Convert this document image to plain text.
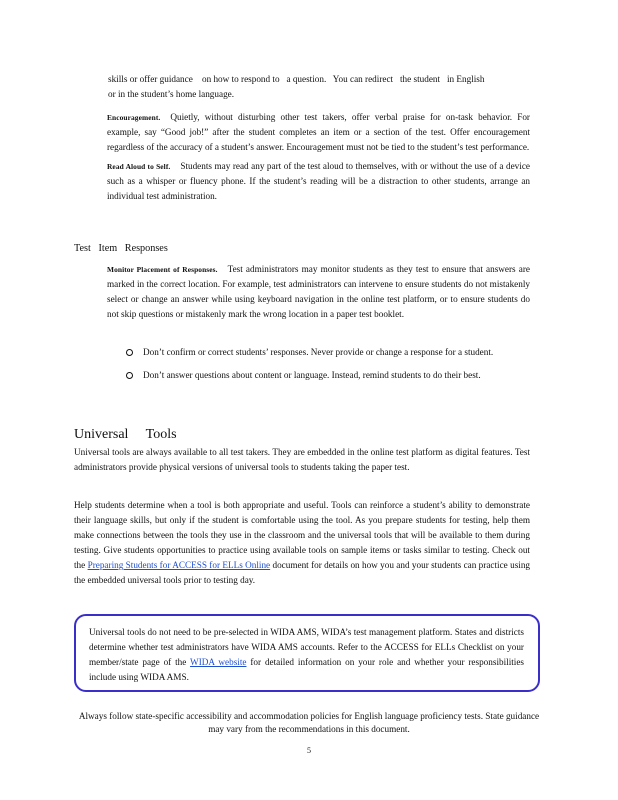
skills or offer guidance    on how to respond to   a question.   You can redirect   the student   in English

or in the student’s home language.

Encouragement. Quietly, without disturbing other test takers, offer verbal praise for on-task behavior. For example, say “Good job!” after the student completes an item or a section of the test. Offer encouragement regardless of the accuracy of a student’s answer. Encouragement must not be tied to the student’s test performance.
Read Aloud to Self. Students may read any part of the test aloud to themselves, with or without the use of a device such as a whisper or fluency phone. If the student’s reading will be a distraction to other students, arrange an individual test administration.
Test   Item   Responses
Monitor Placement of Responses. Test administrators may monitor students as they test to ensure that answers are marked in the correct location. For example, test administrators can intervene to ensure students do not mistakenly select or change an answer while using keyboard navigation in the online test platform, or to ensure students do not skip questions or mistakenly mark the wrong location in a paper test booklet.
Don’t confirm or correct students’ responses. Never provide or change a response for a student.
Don’t answer questions about content or language. Instead, remind students to do their best.
Universal     Tools
Universal tools are always available to all test takers. They are embedded in the online test platform as digital features. Test administrators provide physical versions of universal tools to students taking the paper test.
Help students determine when a tool is both appropriate and useful. Tools can reinforce a student’s ability to demonstrate their language skills, but only if the student is comfortable using the tool. As you prepare students for testing, help them make connections between the tools they use in the classroom and the universal tools that will be available to them during testing. Give students opportunities to practice using available tools on sample items or tasks similar to testing. Check out the Preparing Students for ACCESS for ELLs Online document for details on how you and your students can practice using the embedded universal tools prior to testing day.

Universal tools do not need to be pre-selected in WIDA AMS, WIDA’s test management platform. States and districts determine whether test administrators have WIDA AMS accounts. Refer to the ACCESS for ELLs Checklist on your member/state page of the WIDA website for detailed information on your role and whether your responsibilities include using WIDA AMS.

Always follow state-specific accessibility and accommodation policies for English language proficiency tests. State guidance may vary from the recommendations in this document.
5
